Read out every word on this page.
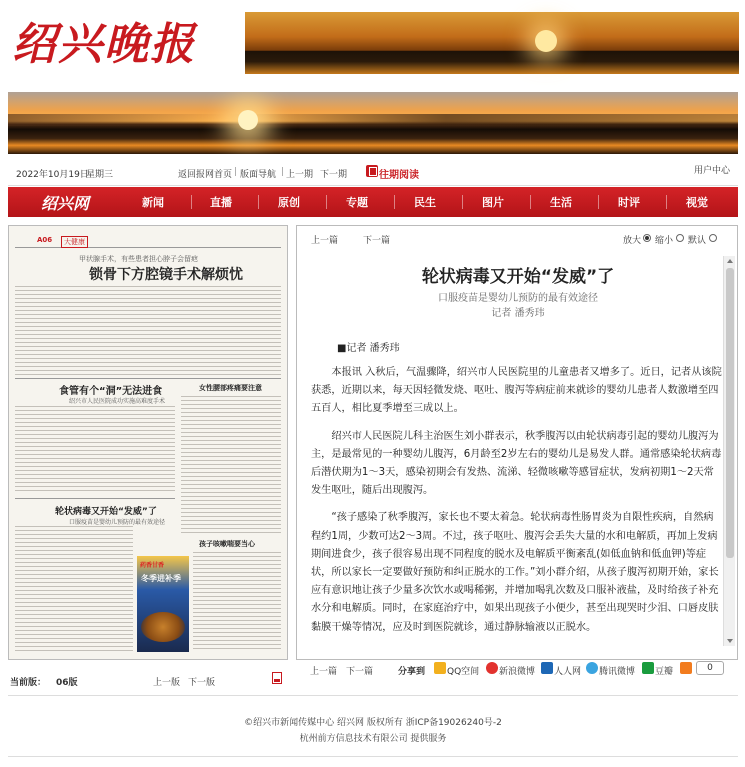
绍兴晚报
2022年10月19日
星期三	返回报网首页 | 版面导航 | 上一期 下一期	往期阅读	用户中心
绍兴网	新闻	直播	原创	专题	民生	图片	生活	时评	视觉
A06	大健康
甲状腺手术，有些患者担心脖子会留疤
锁骨下方腔镜手术解烦忧
食管有个“洞”无法进食
绍兴市人民医院成功实施高难度手术
女性腰部疼痛要注意
轮状病毒又开始“发威”了
口服疫苗是婴幼儿预防的最有效途径
孩子咳嗽喘要当心
药香甘香
冬季进补季
当前版： 06版	上一版 下一版
上一篇	下一篇	放大 缩小 默认
轮状病毒又开始“发威”了
口服疫苗是婴幼儿预防的最有效途径
记者 潘秀玮
■记者 潘秀玮

本报讯 入秋后，气温骤降，绍兴市人民医院里的儿童患者又增多了。近日，记者从该院获悉，近期以来，每天因轻微发烧、呕吐、腹泻等病症前来就诊的婴幼儿患者人数激增至四五百人，相比夏季增至三成以上。

绍兴市人民医院儿科主治医生刘小群表示，秋季腹泻以由轮状病毒引起的婴幼儿腹泻为主，是最常见的一种婴幼儿腹泻，6月龄至2岁左右的婴幼儿是易发人群。通常感染轮状病毒后潜伏期为1～3天，感染初期会有发热、流涕、轻微咳嗽等感冒症状，发病初期1～2天常发生呕吐，随后出现腹泻。

“孩子感染了秋季腹泻，家长也不要太着急。轮状病毒性肠胃炎为自限性疾病，自然病程约1周，少数可达2～3周。不过，孩子呕吐、腹泻会丢失大量的水和电解质，再加上发病期间进食少，孩子很容易出现不同程度的脱水及电解质平衡紊乱(如低血钠和低血钾)等症状，所以家长一定要做好预防和纠正脱水的工作。”刘小群介绍，从孩子腹泻初期开始，家长应有意识地让孩子少量多次饮水或喝稀粥，并增加喝乳次数及口服补液盐，及时给孩子补充水分和电解质。同时，在家庭治疗中，如果出现孩子小便少，甚至出现哭时少泪、口唇皮肤黏膜干燥等情况，应及时到医院就诊，通过静脉输液以正脱水。

上一篇 下一篇	分享到 QQ空间 新浪微博 人人网 腾讯微博 豆瓣	0
©绍兴市新闻传媒中心 绍兴网 版权所有 浙ICP备19026240号-2
杭州前方信息技术有限公司 提供服务
